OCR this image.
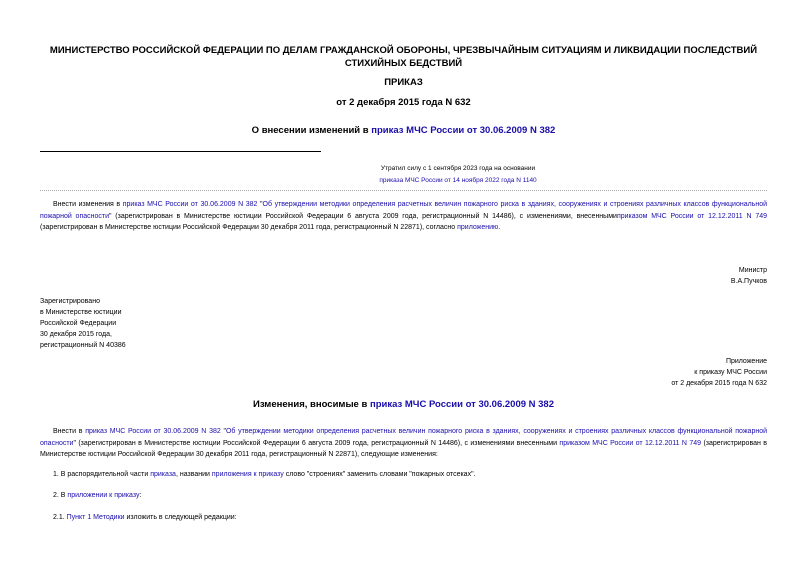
МИНИСТЕРСТВО РОССИЙСКОЙ ФЕДЕРАЦИИ ПО ДЕЛАМ ГРАЖДАНСКОЙ ОБОРОНЫ, ЧРЕЗВЫЧАЙНЫМ СИТУАЦИЯМ И ЛИКВИДАЦИИ ПОСЛЕДСТВИЙ СТИХИЙНЫХ БЕДСТВИЙ
ПРИКАЗ
от 2 декабря 2015 года N 632
О внесении изменений в приказ МЧС России от 30.06.2009 N 382
Утратил силу с 1 сентября 2023 года на основании
приказа МЧС России от 14 ноября 2022 года N 1140
Внести изменения в приказ МЧС России от 30.06.2009 N 382 "Об утверждении методики определения расчетных величин пожарного риска в зданиях, сооружениях и строениях различных классов функциональной пожарной опасности" (зарегистрирован в Министерстве юстиции Российской Федерации 6 августа 2009 года, регистрационный N 14486), с изменениями, внесеннымиприказом МЧС России от 12.12.2011 N 749 (зарегистрирован в Министерстве юстиции Российской Федерации 30 декабря 2011 года, регистрационный N 22871), согласно приложению.
Министр
В.А.Пучков
Зарегистрировано
в Министерстве юстиции
Российской Федерации
30 декабря 2015 года,
регистрационный N 40386
Приложение
к приказу МЧС России
от 2 декабря 2015 года N 632
Изменения, вносимые в приказ МЧС России от 30.06.2009 N 382
Внести в приказ МЧС России от 30.06.2009 N 382 "Об утверждении методики определения расчетных величин пожарного риска в зданиях, сооружениях и строениях различных классов функциональной пожарной опасности" (зарегистрирован в Министерстве юстиции Российской Федерации 6 августа 2009 года, регистрационный N 14486), с изменениями внесенными приказом МЧС России от 12.12.2011 N 749 (зарегистрирован в Министерстве юстиции Российской Федерации 30 декабря 2011 года, регистрационный N 22871), следующие изменения:
1. В распорядительной части приказа, названии приложения к приказу слово "строениях" заменить словами "пожарных отсеках".
2. В приложении к приказу:
2.1. Пункт 1 Методики изложить в следующей редакции:
